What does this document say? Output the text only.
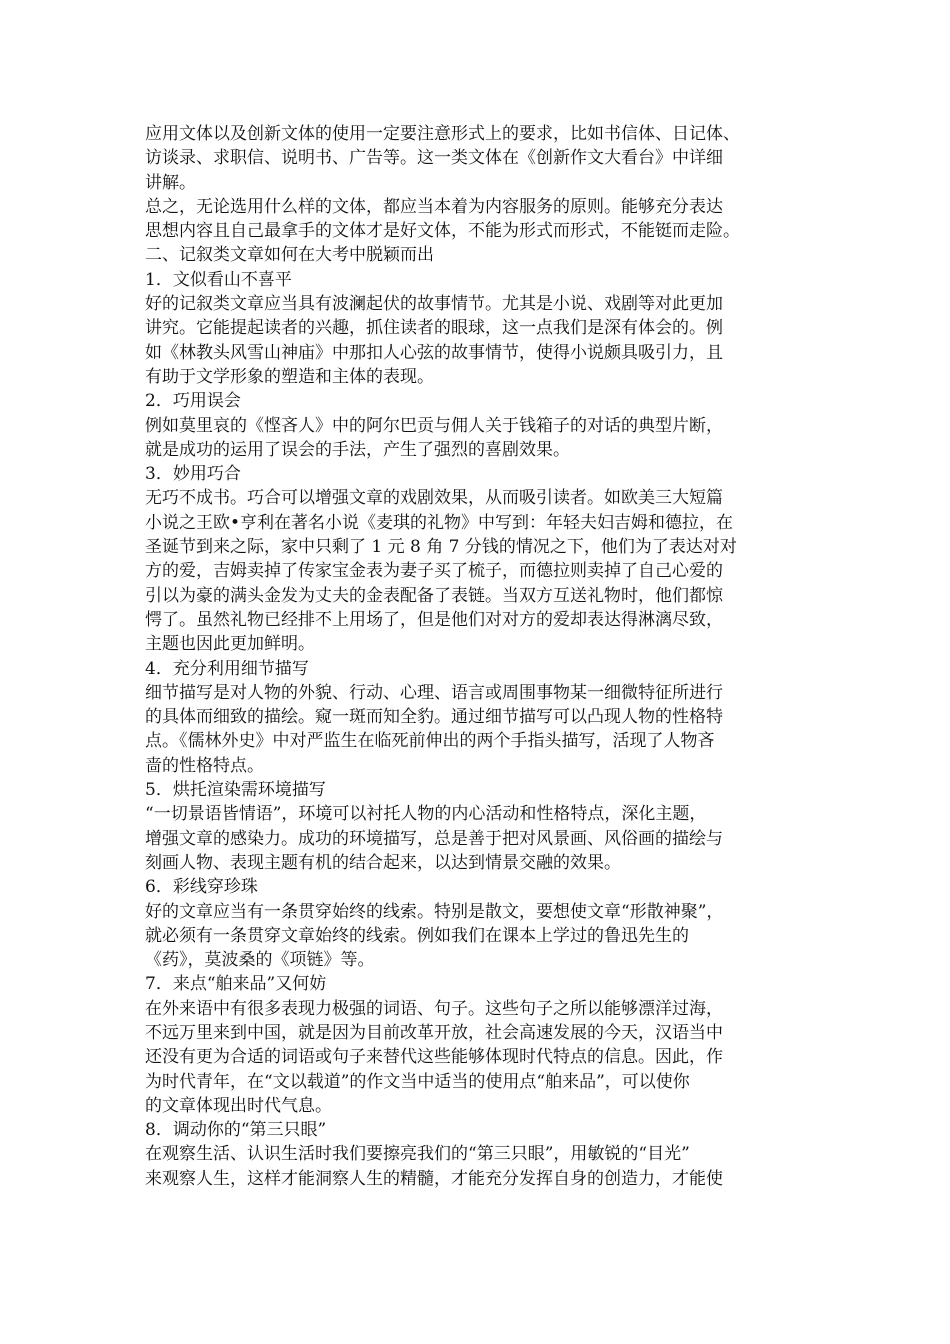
应用文体以及创新文体的使用一定要注意形式上的要求，比如书信体、日记体、

访谈录、求职信、说明书、广告等。这一类文体在《创新作文大看台》中详细

讲解。

总之，无论选用什么样的文体，都应当本着为内容服务的原则。能够充分表达

思想内容且自己最拿手的文体才是好文体，不能为形式而形式，不能铤而走险。

二、记叙类文章如何在大考中脱颖而出

1．文似看山不喜平

好的记叙类文章应当具有波澜起伏的故事情节。尤其是小说、戏剧等对此更加

讲究。它能提起读者的兴趣，抓住读者的眼球，这一点我们是深有体会的。例

如《林教头风雪山神庙》中那扣人心弦的故事情节，使得小说颇具吸引力，且

有助于文学形象的塑造和主体的表现。

2．巧用误会

例如莫里哀的《悭吝人》中的阿尔巴贡与佣人关于钱箱子的对话的典型片断，

就是成功的运用了误会的手法，产生了强烈的喜剧效果。

3．妙用巧合

无巧不成书。巧合可以增强文章的戏剧效果，从而吸引读者。如欧美三大短篇

小说之王欧•亨利在著名小说《麦琪的礼物》中写到：年轻夫妇吉姆和德拉，在

圣诞节到来之际，家中只剩了 1 元 8 角 7 分钱的情况之下，他们为了表达对对

方的爱，吉姆卖掉了传家宝金表为妻子买了梳子，而德拉则卖掉了自己心爱的

引以为豪的满头金发为丈夫的金表配备了表链。当双方互送礼物时，他们都惊

愕了。虽然礼物已经排不上用场了，但是他们对对方的爱却表达得淋漓尽致，

主题也因此更加鲜明。

4．充分利用细节描写

细节描写是对人物的外貌、行动、心理、语言或周围事物某一细微特征所进行

的具体而细致的描绘。窥一斑而知全豹。通过细节描写可以凸现人物的性格特

点。《儒林外史》中对严监生在临死前伸出的两个手指头描写，活现了人物吝

啬的性格特点。

5．烘托渲染需环境描写

“一切景语皆情语”，环境可以衬托人物的内心活动和性格特点，深化主题，

增强文章的感染力。成功的环境描写，总是善于把对风景画、风俗画的描绘与

刻画人物、表现主题有机的结合起来，以达到情景交融的效果。

6．彩线穿珍珠

好的文章应当有一条贯穿始终的线索。特别是散文，要想使文章“形散神聚”，

就必须有一条贯穿文章始终的线索。例如我们在课本上学过的鲁迅先生的

《药》，莫波桑的《项链》等。

7．来点“舶来品”又何妨

在外来语中有很多表现力极强的词语、句子。这些句子之所以能够漂洋过海，

不远万里来到中国，就是因为目前改革开放，社会高速发展的今天，汉语当中

还没有更为合适的词语或句子来替代这些能够体现时代特点的信息。因此，作

为时代青年，在“文以载道”的作文当中适当的使用点“舶来品”，可以使你

的文章体现出时代气息。

8．调动你的“第三只眼”

在观察生活、认识生活时我们要擦亮我们的“第三只眼”，用敏锐的“目光”

来观察人生，这样才能洞察人生的精髓，才能充分发挥自身的创造力，才能使
